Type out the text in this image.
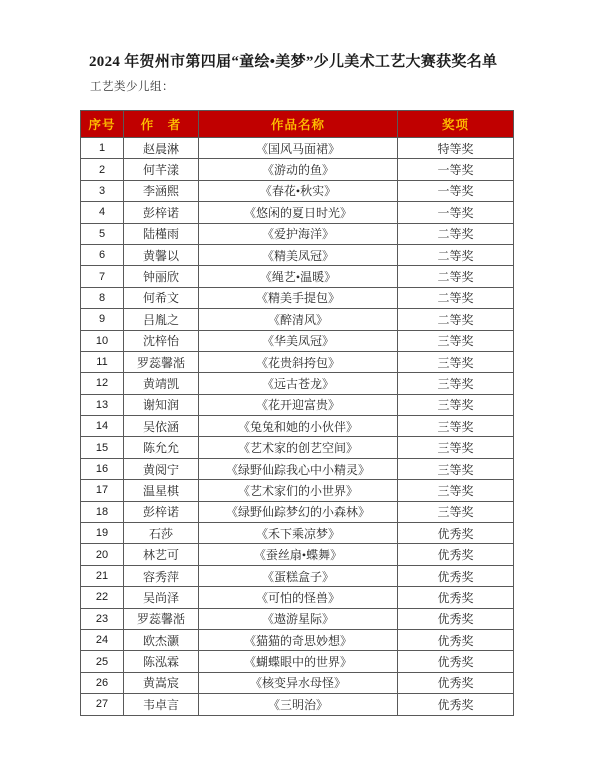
2024 年贺州市第四届“童绘•美梦”少儿美术工艺大赛获奖名单
工艺类少儿组：
序号	作　者	作品名称	奖项
1	赵晨淋	《国风马面裙》	特等奖
2	何芊漾	《游动的鱼》	一等奖
3	李涵熙	《春花•秋实》	一等奖
4	彭梓诺	《悠闲的夏日时光》	一等奖
5	陆槿雨	《爱护海洋》	二等奖
6	黄馨以	《精美凤冠》	二等奖
7	钟丽欣	《绳艺•温暖》	二等奖
8	何希文	《精美手提包》	二等奖
9	吕胤之	《醉清风》	二等奖
10	沈梓怡	《华美凤冠》	三等奖
11	罗蕊馨湉	《花贵斜挎包》	三等奖
12	黄靖凯	《远古苍龙》	三等奖
13	谢知润	《花开迎富贵》	三等奖
14	吴依涵	《兔兔和她的小伙伴》	三等奖
15	陈允允	《艺术家的创艺空间》	三等奖
16	黄阅宁	《绿野仙踪我心中小精灵》	三等奖
17	温星棋	《艺术家们的小世界》	三等奖
18	彭梓诺	《绿野仙踪梦幻的小森林》	三等奖
19	石莎	《禾下乘凉梦》	优秀奖
20	林艺可	《蚕丝扇•蝶舞》	优秀奖
21	容秀萍	《蛋糕盒子》	优秀奖
22	吴尚泽	《可怕的怪兽》	优秀奖
23	罗蕊馨湉	《遨游星际》	优秀奖
24	欧杰灏	《猫猫的奇思妙想》	优秀奖
25	陈泓霖	《蝴蝶眼中的世界》	优秀奖
26	黄嵩宸	《核变异水母怪》	优秀奖
27	韦卓言	《三明治》	优秀奖
